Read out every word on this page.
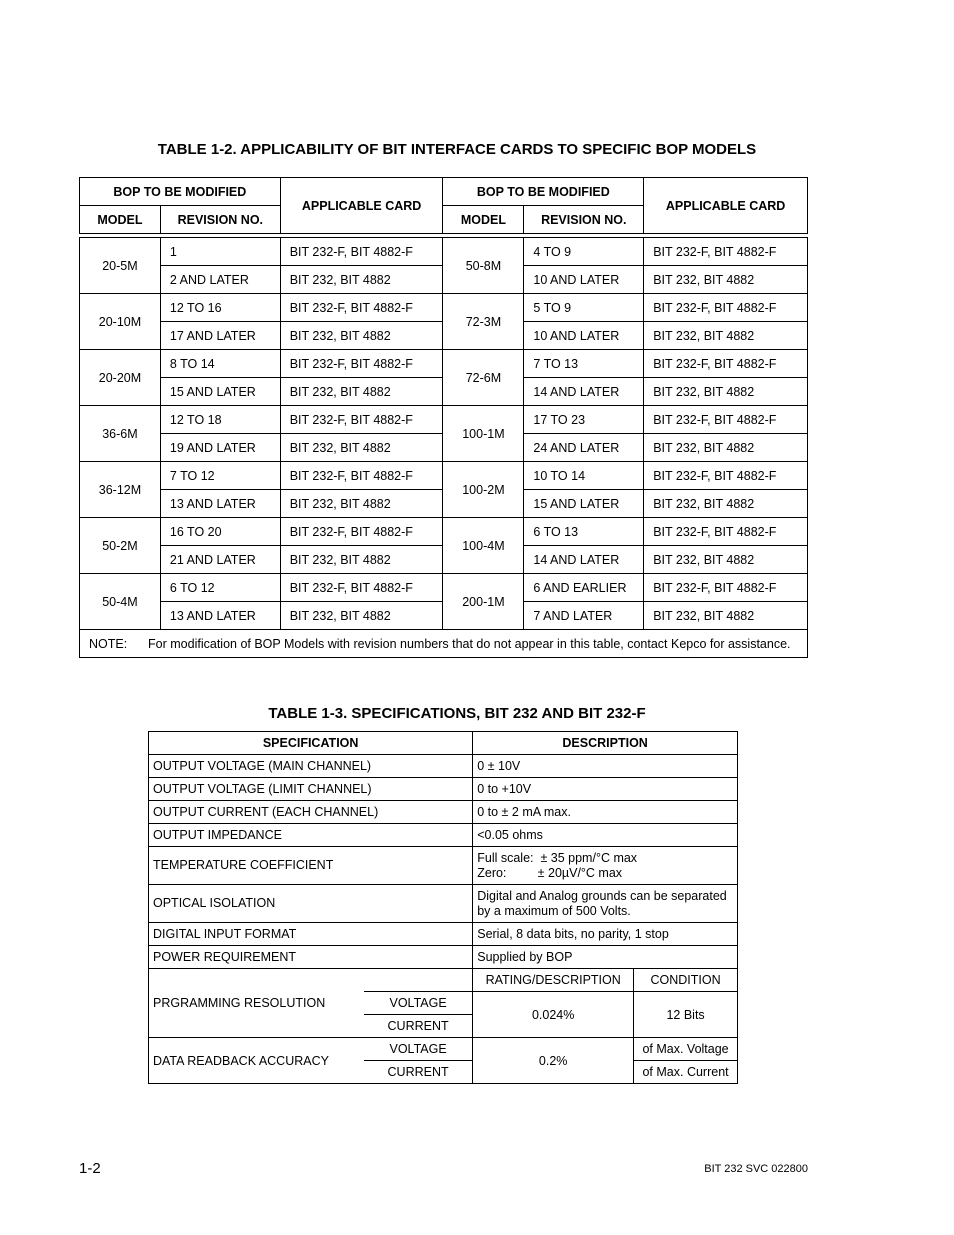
TABLE 1-2. APPLICABILITY OF BIT INTERFACE CARDS TO SPECIFIC BOP MODELS
BOP TO BE MODIFIED		APPLICABLE CARD	BOP TO BE MODIFIED		APPLICABLE CARD
MODEL	REVISION NO.		MODEL	REVISION NO.	

20-5M	1	BIT 232-F, BIT 4882-F	50-8M	4 TO 9	BIT 232-F, BIT 4882-F
	2 AND LATER	BIT 232, BIT 4882		10 AND LATER	BIT 232, BIT 4882
20-10M	12 TO 16	BIT 232-F, BIT 4882-F	72-3M	5 TO 9	BIT 232-F, BIT 4882-F
	17 AND LATER	BIT 232, BIT 4882		10 AND LATER	BIT 232, BIT 4882
20-20M	8 TO 14	BIT 232-F, BIT 4882-F	72-6M	7 TO 13	BIT 232-F, BIT 4882-F
	15 AND LATER	BIT 232, BIT 4882		14 AND LATER	BIT 232, BIT 4882
36-6M	12 TO 18	BIT 232-F, BIT 4882-F	100-1M	17 TO 23	BIT 232-F, BIT 4882-F
	19 AND LATER	BIT 232, BIT 4882		24 AND LATER	BIT 232, BIT 4882
36-12M	7 TO 12	BIT 232-F, BIT 4882-F	100-2M	10 TO 14	BIT 232-F, BIT 4882-F
	13 AND LATER	BIT 232, BIT 4882		15 AND LATER	BIT 232, BIT 4882
50-2M	16 TO 20	BIT 232-F, BIT 4882-F	100-4M	6 TO 13	BIT 232-F, BIT 4882-F
	21 AND LATER	BIT 232, BIT 4882		14 AND LATER	BIT 232, BIT 4882
50-4M	6 TO 12	BIT 232-F, BIT 4882-F	200-1M	6 AND EARLIER	BIT 232-F, BIT 4882-F
	13 AND LATER	BIT 232, BIT 4882		7 AND LATER	BIT 232, BIT 4882
NOTE: For modification of BOP Models with revision numbers that do not appear in this table, contact Kepco for assistance.					
TABLE 1-3. SPECIFICATIONS, BIT 232 AND BIT 232-F
SPECIFICATION		DESCRIPTION	
OUTPUT VOLTAGE (MAIN CHANNEL)		0 ± 10V	
OUTPUT VOLTAGE (LIMIT CHANNEL)		0 to +10V	
OUTPUT CURRENT (EACH CHANNEL)		0 to ± 2 mA max.	
OUTPUT IMPEDANCE		<0.05 ohms	
TEMPERATURE COEFFICIENT		Full scale:  ± 35 ppm/°C max
Zero:         ± 20µV/°C max	

OPTICAL ISOLATION		Digital and Analog grounds can be separated
by a maximum of 500 Volts.	

DIGITAL INPUT FORMAT		Serial, 8 data bits, no parity, 1 stop	
POWER REQUIREMENT		Supplied by BOP	
PRGRAMMING RESOLUTION		RATING/DESCRIPTION	CONDITION
	VOLTAGE	0.024%	12 Bits
	CURRENT		
DATA READBACK ACCURACY	VOLTAGE	0.2%	of Max. Voltage
	CURRENT		of Max. Current
1-2	BIT 232 SVC 022800
